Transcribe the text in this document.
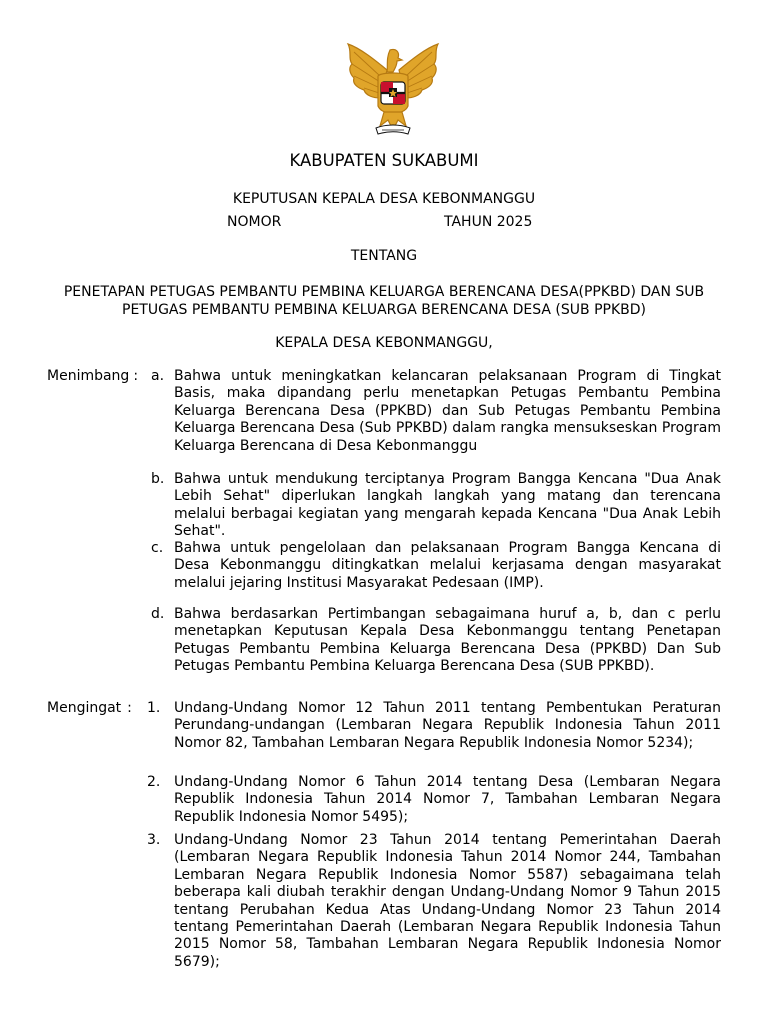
KABUPATEN SUKABUMI
KEPUTUSAN KEPALA DESA KEBONMANGGU
NOMOR	TAHUN 2025
TENTANG
PENETAPAN PETUGAS PEMBANTU PEMBINA KELUARGA BERENCANA DESA(PPKBD) DAN SUB PETUGAS PEMBANTU PEMBINA KELUARGA BERENCANA DESA (SUB PPKBD)
KEPALA DESA KEBONMANGGU,
Menimbang : a. Bahwa untuk meningkatkan kelancaran pelaksanaan Program di Tingkat Basis, maka dipandang perlu menetapkan Petugas Pembantu Pembina Keluarga Berencana Desa (PPKBD) dan Sub Petugas Pembantu Pembina Keluarga Berencana Desa (Sub PPKBD) dalam rangka mensukseskan Program Keluarga Berencana di Desa Kebonmanggu
b. Bahwa untuk mendukung terciptanya Program Bangga Kencana "Dua Anak Lebih Sehat" diperlukan langkah langkah yang matang dan terencana melalui berbagai kegiatan yang mengarah kepada Kencana "Dua Anak Lebih Sehat".
c. Bahwa untuk pengelolaan dan pelaksanaan Program Bangga Kencana di Desa Kebonmanggu ditingkatkan melalui kerjasama dengan masyarakat melalui jejaring Institusi Masyarakat Pedesaan (IMP).
d. Bahwa berdasarkan Pertimbangan sebagaimana huruf a, b, dan c perlu menetapkan Keputusan Kepala Desa Kebonmanggu tentang Penetapan Petugas Pembantu Pembina Keluarga Berencana Desa (PPKBD) Dan Sub Petugas Pembantu Pembina Keluarga Berencana Desa (SUB PPKBD).
Mengingat : 1. Undang-Undang Nomor 12 Tahun 2011 tentang Pembentukan Peraturan Perundang-undangan (Lembaran Negara Republik Indonesia Tahun 2011 Nomor 82, Tambahan Lembaran Negara Republik Indonesia Nomor 5234);
2. Undang-Undang Nomor 6 Tahun 2014 tentang Desa (Lembaran Negara Republik Indonesia Tahun 2014 Nomor 7, Tambahan Lembaran Negara Republik Indonesia Nomor 5495);
3. Undang-Undang Nomor 23 Tahun 2014 tentang Pemerintahan Daerah (Lembaran Negara Republik Indonesia Tahun 2014 Nomor 244, Tambahan Lembaran Negara Republik Indonesia Nomor 5587) sebagaimana telah beberapa kali diubah terakhir dengan Undang-Undang Nomor 9 Tahun 2015 tentang Perubahan Kedua Atas Undang-Undang Nomor 23 Tahun 2014 tentang Pemerintahan Daerah (Lembaran Negara Republik Indonesia Tahun 2015 Nomor 58, Tambahan Lembaran Negara Republik Indonesia Nomor 5679);
